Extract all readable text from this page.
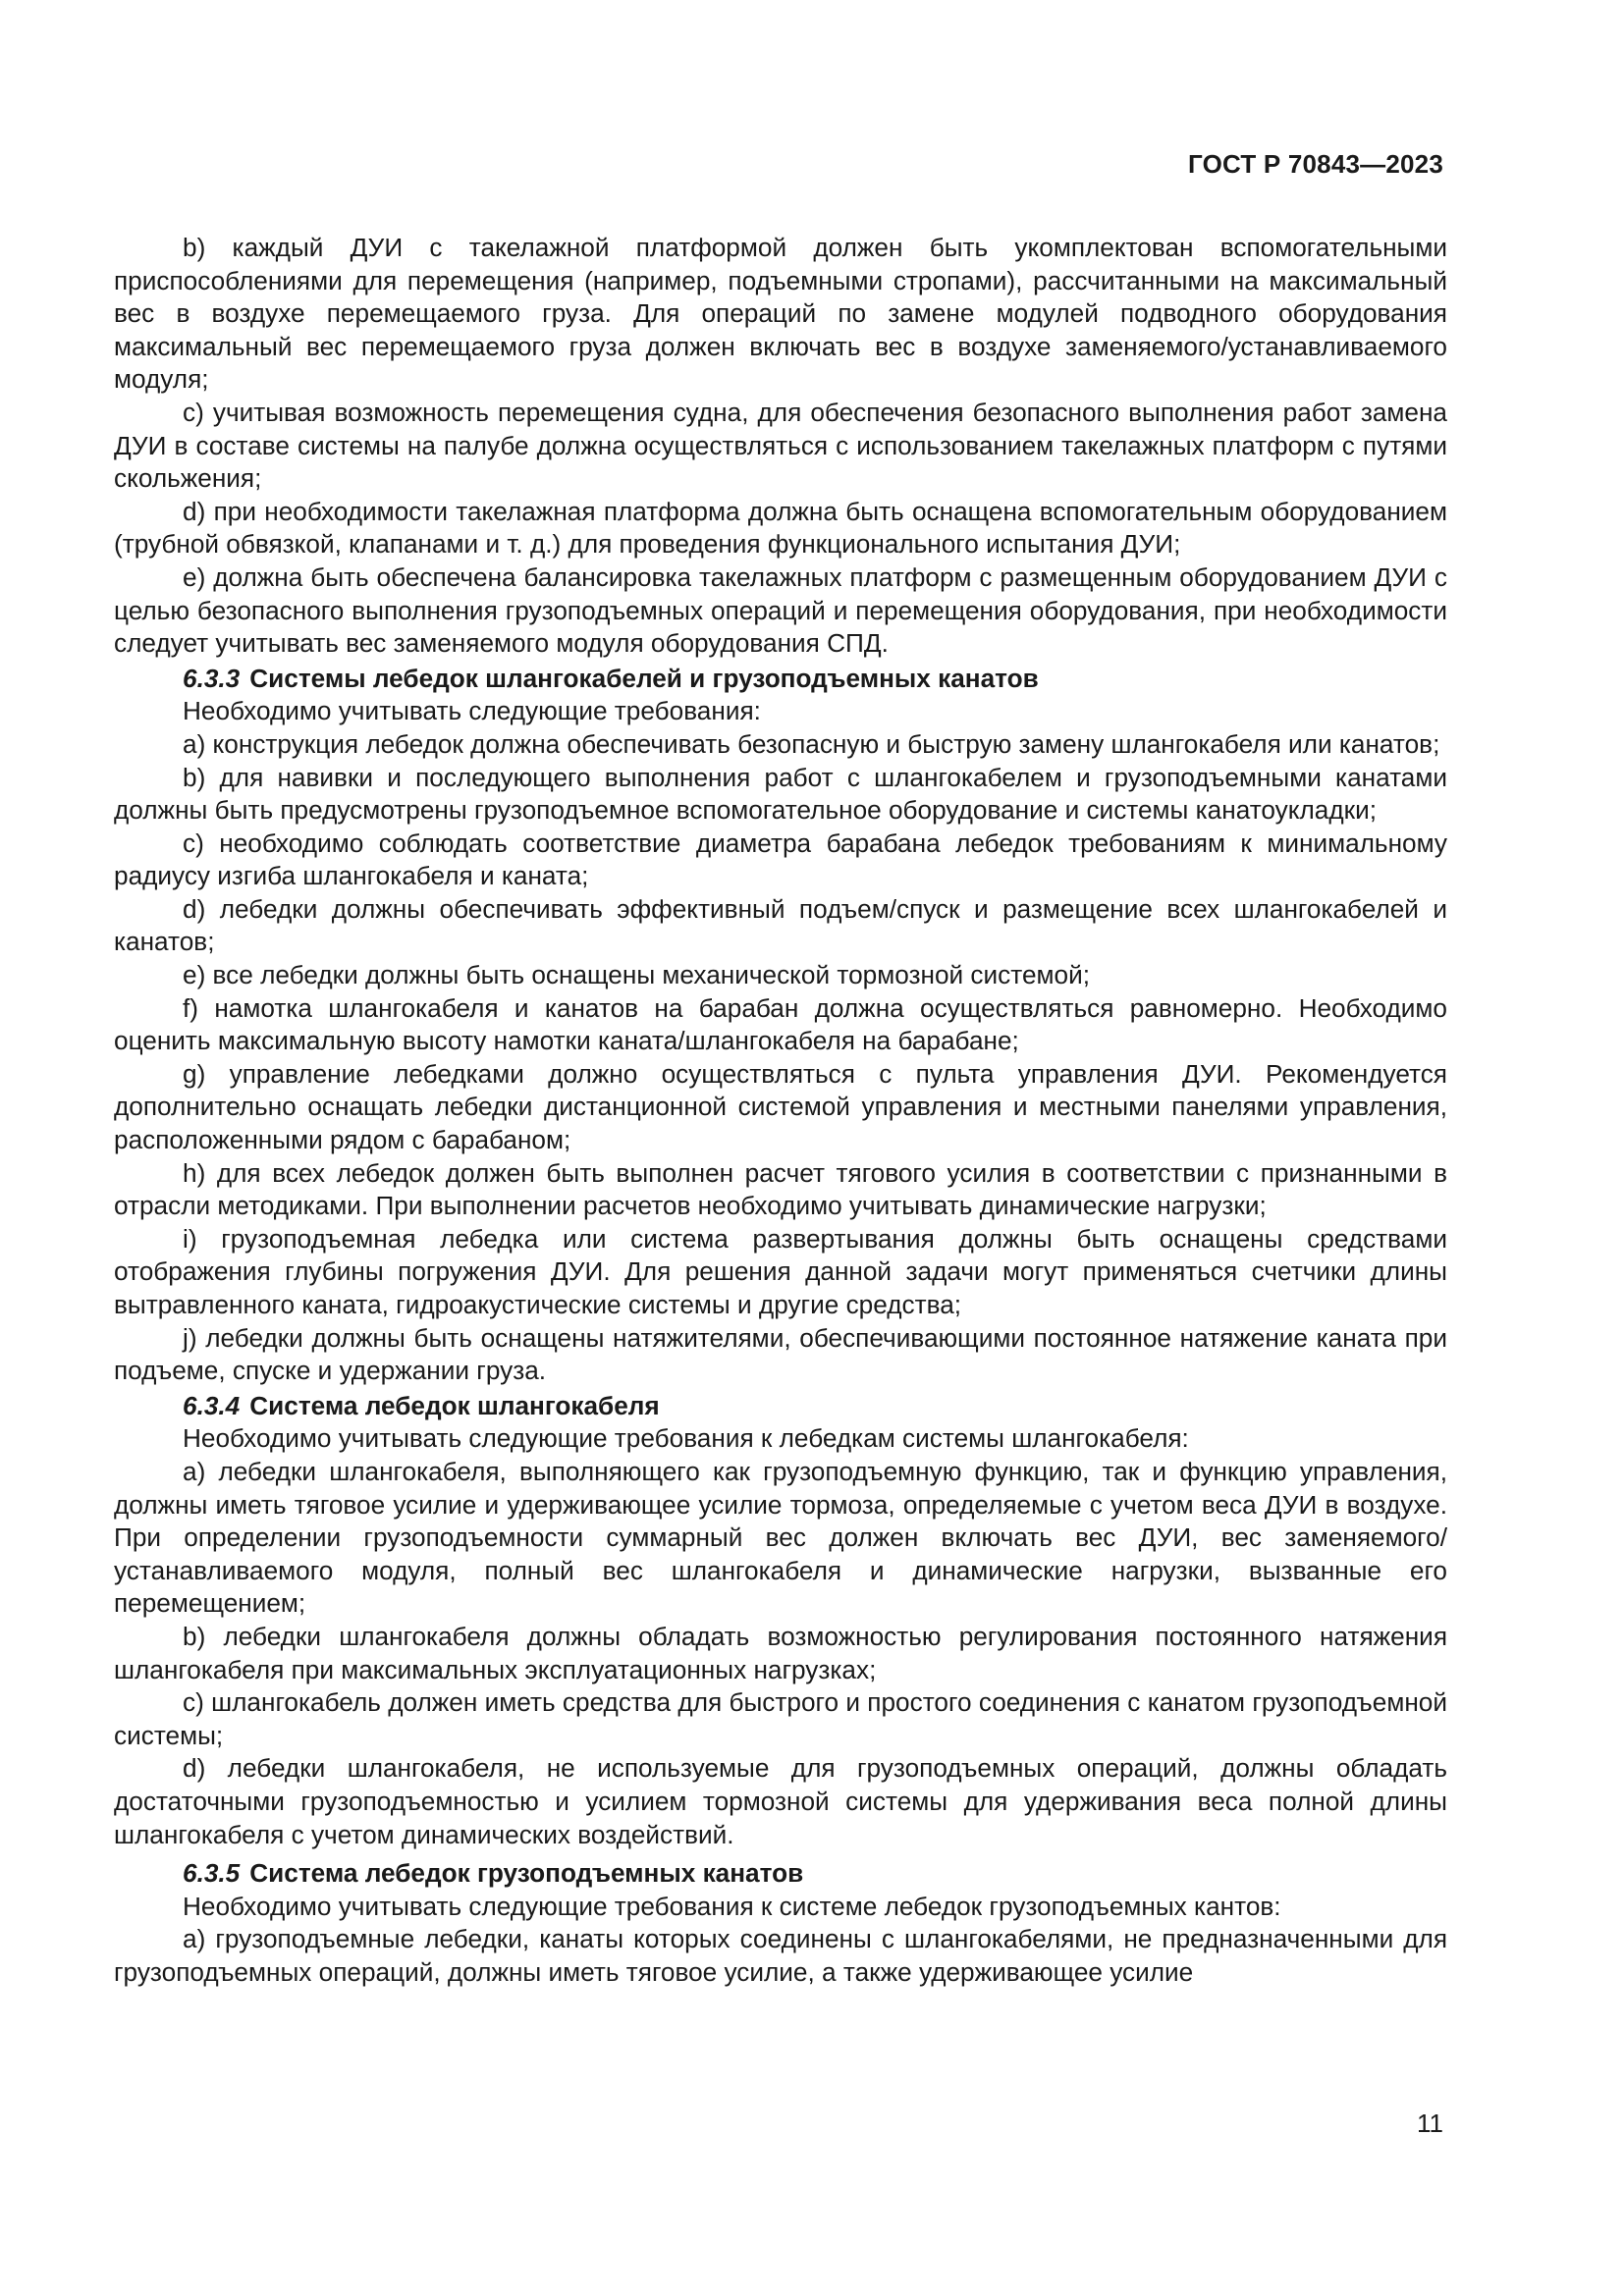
ГОСТ Р 70843—2023

b) каждый ДУИ с такелажной платформой должен быть укомплектован вспомогательными приспособлениями для перемещения (например, подъемными стропами), рассчитанными на максимальный вес в воздухе перемещаемого груза. Для операций по замене модулей подводного оборудования максимальный вес перемещаемого груза должен включать вес в воздухе заменяемого/устанавливаемого модуля;

c) учитывая возможность перемещения судна, для обеспечения безопасного выполнения работ замена ДУИ в составе системы на палубе должна осуществляться с использованием такелажных платформ с путями скольжения;

d) при необходимости такелажная платформа должна быть оснащена вспомогательным оборудованием (трубной обвязкой, клапанами и т. д.) для проведения функционального испытания ДУИ;

e) должна быть обеспечена балансировка такелажных платформ с размещенным оборудованием ДУИ с целью безопасного выполнения грузоподъемных операций и перемещения оборудования, при необходимости следует учитывать вес заменяемого модуля оборудования СПД.

6.3.3 Системы лебедок шлангокабелей и грузоподъемных канатов

Необходимо учитывать следующие требования:

a) конструкция лебедок должна обеспечивать безопасную и быструю замену шлангокабеля или канатов;

b) для навивки и последующего выполнения работ с шлангокабелем и грузоподъемными канатами должны быть предусмотрены грузоподъемное вспомогательное оборудование и системы канатоукладки;

c) необходимо соблюдать соответствие диаметра барабана лебедок требованиям к минимальному радиусу изгиба шлангокабеля и каната;

d) лебедки должны обеспечивать эффективный подъем/спуск и размещение всех шлангокабелей и канатов;

e) все лебедки должны быть оснащены механической тормозной системой;

f) намотка шлангокабеля и канатов на барабан должна осуществляться равномерно. Необходимо оценить максимальную высоту намотки каната/шлангокабеля на барабане;

g) управление лебедками должно осуществляться с пульта управления ДУИ. Рекомендуется дополнительно оснащать лебедки дистанционной системой управления и местными панелями управления, расположенными рядом с барабаном;

h) для всех лебедок должен быть выполнен расчет тягового усилия в соответствии с признанными в отрасли методиками. При выполнении расчетов необходимо учитывать динамические нагрузки;

i) грузоподъемная лебедка или система развертывания должны быть оснащены средствами отображения глубины погружения ДУИ. Для решения данной задачи могут применяться счетчики длины вытравленного каната, гидроакустические системы и другие средства;

j) лебедки должны быть оснащены натяжителями, обеспечивающими постоянное натяжение каната при подъеме, спуске и удержании груза.

6.3.4 Система лебедок шлангокабеля

Необходимо учитывать следующие требования к лебедкам системы шлангокабеля:

a) лебедки шлангокабеля, выполняющего как грузоподъемную функцию, так и функцию управления, должны иметь тяговое усилие и удерживающее усилие тормоза, определяемые с учетом веса ДУИ в воздухе. При определении грузоподъемности суммарный вес должен включать вес ДУИ, вес заменяемого/устанавливаемого модуля, полный вес шлангокабеля и динамические нагрузки, вызванные его перемещением;

b) лебедки шлангокабеля должны обладать возможностью регулирования постоянного натяжения шлангокабеля при максимальных эксплуатационных нагрузках;

c) шлангокабель должен иметь средства для быстрого и простого соединения с канатом грузоподъемной системы;

d) лебедки шлангокабеля, не используемые для грузоподъемных операций, должны обладать достаточными грузоподъемностью и усилием тормозной системы для удерживания веса полной длины шлангокабеля с учетом динамических воздействий.

6.3.5 Система лебедок грузоподъемных канатов

Необходимо учитывать следующие требования к системе лебедок грузоподъемных кантов:

a) грузоподъемные лебедки, канаты которых соединены с шлангокабелями, не предназначенными для грузоподъемных операций, должны иметь тяговое усилие, а также удерживающее усилие

11
